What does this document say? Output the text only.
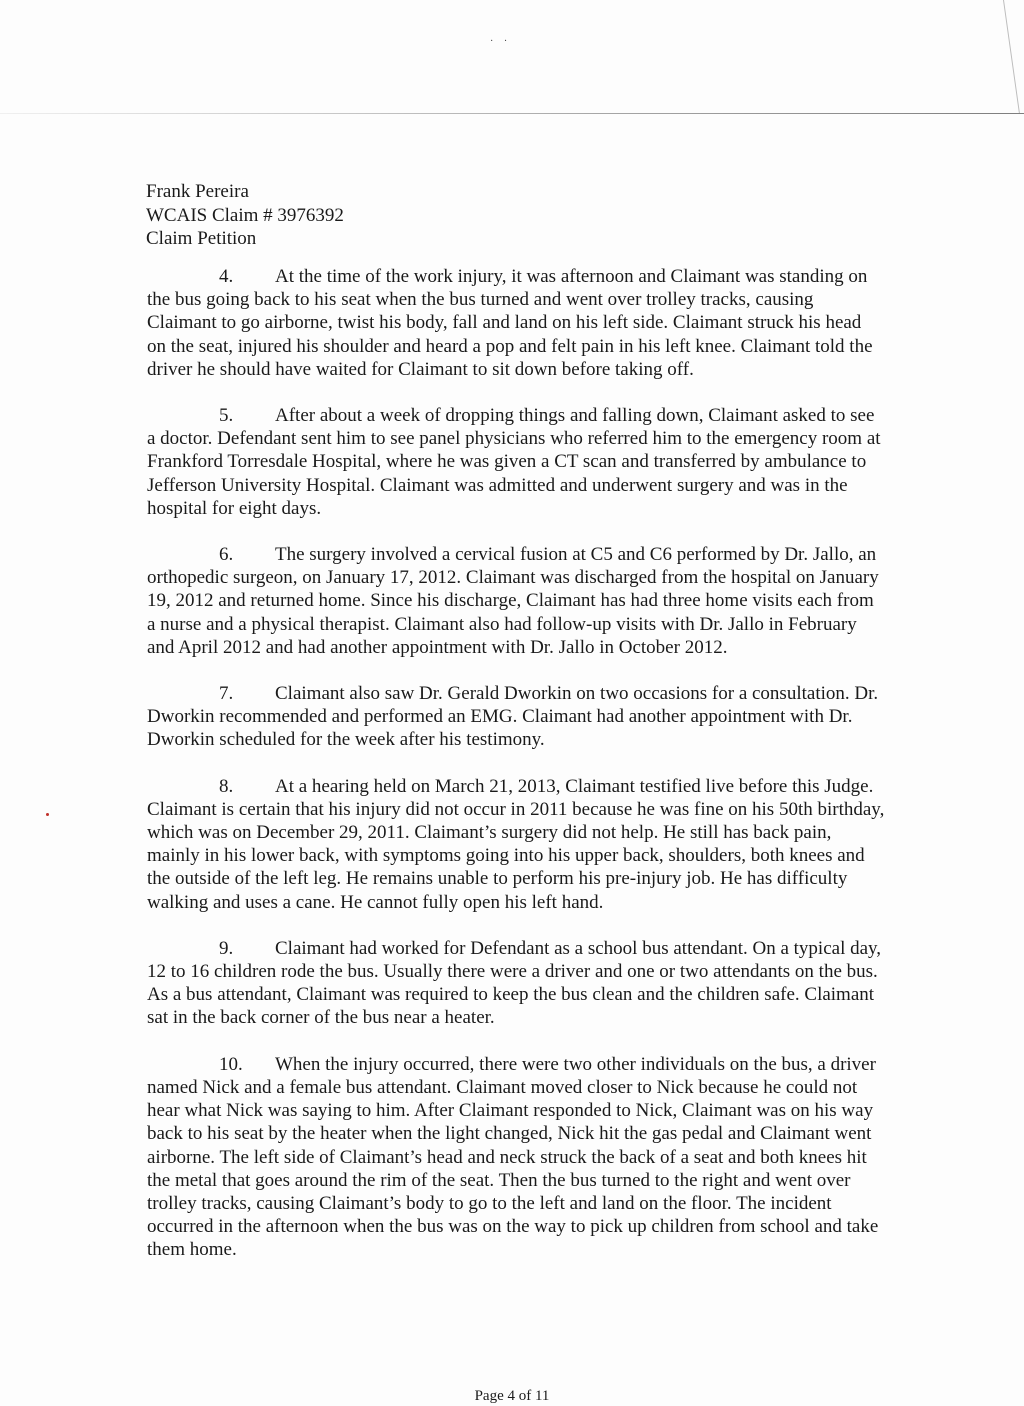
· ·
Frank Pereira
WCAIS Claim # 3976392
Claim Petition

4. At the time of the work injury, it was afternoon and Claimant was standing on the bus going back to his seat when the bus turned and went over trolley tracks, causing Claimant to go airborne, twist his body, fall and land on his left side. Claimant struck his head on the seat, injured his shoulder and heard a pop and felt pain in his left knee. Claimant told the driver he should have waited for Claimant to sit down before taking off.

5. After about a week of dropping things and falling down, Claimant asked to see a doctor. Defendant sent him to see panel physicians who referred him to the emergency room at Frankford Torresdale Hospital, where he was given a CT scan and transferred by ambulance to Jefferson University Hospital. Claimant was admitted and underwent surgery and was in the hospital for eight days.

6. The surgery involved a cervical fusion at C5 and C6 performed by Dr. Jallo, an orthopedic surgeon, on January 17, 2012. Claimant was discharged from the hospital on January 19, 2012 and returned home. Since his discharge, Claimant has had three home visits each from a nurse and a physical therapist. Claimant also had follow-up visits with Dr. Jallo in February and April 2012 and had another appointment with Dr. Jallo in October 2012.

7. Claimant also saw Dr. Gerald Dworkin on two occasions for a consultation. Dr. Dworkin recommended and performed an EMG. Claimant had another appointment with Dr. Dworkin scheduled for the week after his testimony.

8. At a hearing held on March 21, 2013, Claimant testified live before this Judge. Claimant is certain that his injury did not occur in 2011 because he was fine on his 50th birthday, which was on December 29, 2011. Claimant’s surgery did not help. He still has back pain, mainly in his lower back, with symptoms going into his upper back, shoulders, both knees and the outside of the left leg. He remains unable to perform his pre-injury job. He has difficulty walking and uses a cane. He cannot fully open his left hand.

9. Claimant had worked for Defendant as a school bus attendant. On a typical day, 12 to 16 children rode the bus. Usually there were a driver and one or two attendants on the bus. As a bus attendant, Claimant was required to keep the bus clean and the children safe. Claimant sat in the back corner of the bus near a heater.

10. When the injury occurred, there were two other individuals on the bus, a driver named Nick and a female bus attendant. Claimant moved closer to Nick because he could not hear what Nick was saying to him. After Claimant responded to Nick, Claimant was on his way back to his seat by the heater when the light changed, Nick hit the gas pedal and Claimant went airborne. The left side of Claimant’s head and neck struck the back of a seat and both knees hit the metal that goes around the rim of the seat. Then the bus turned to the right and went over trolley tracks, causing Claimant’s body to go to the left and land on the floor. The incident occurred in the afternoon when the bus was on the way to pick up children from school and take them home.

Page 4 of 11
